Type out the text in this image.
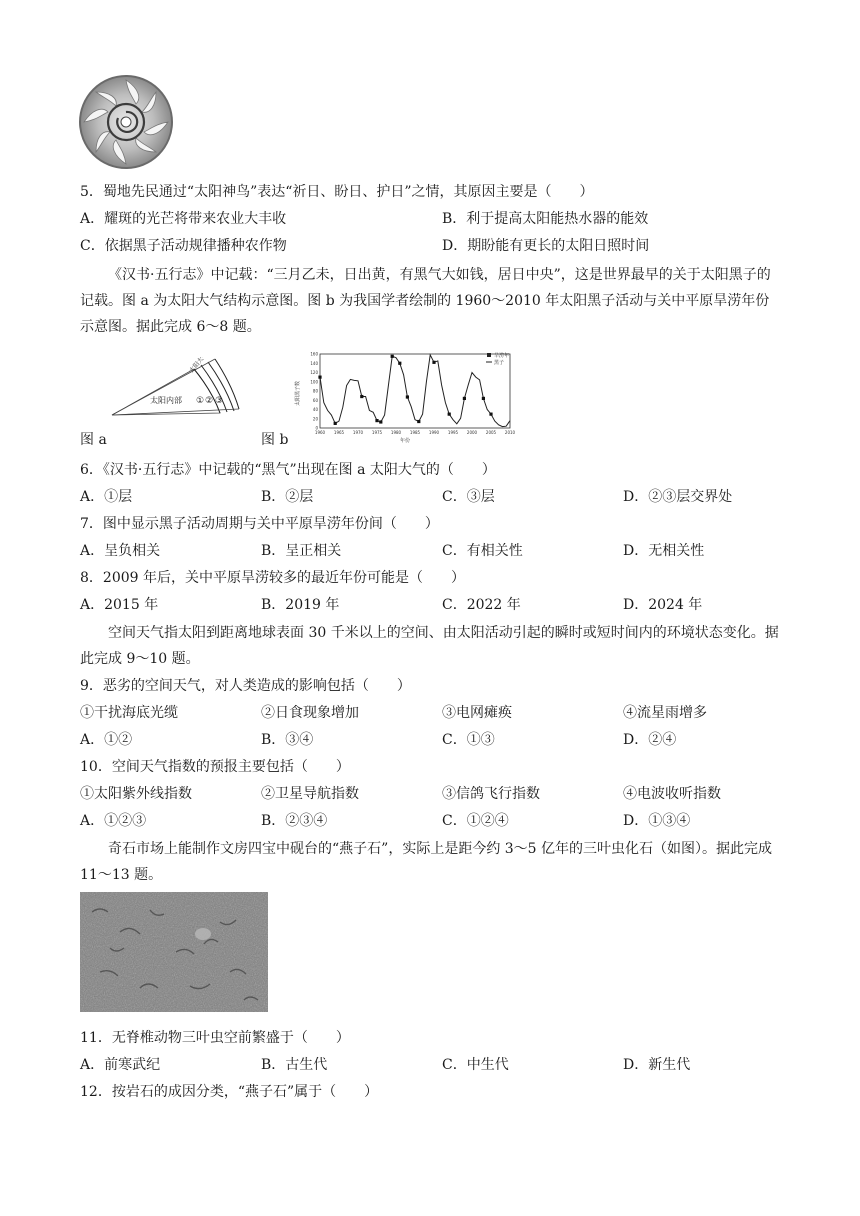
5．蜀地先民通过“太阳神鸟”表达“祈日、盼日、护日”之情，其原因主要是（　　）
A．耀斑的光芒将带来农业大丰收	B．利于提高太阳能热水器的能效
C．依据黑子活动规律播种农作物	D．期盼能有更长的太阳日照时间
《汉书·五行志》中记载：“三月乙未，日出黄，有黑气大如钱，居日中央”，这是世界最早的关于太阳黑子的记载。图 a 为太阳大气结构示意图。图 b 为我国学者绘制的 1960～2010 年太阳黑子活动与关中平原旱涝年份示意图。据此完成 6～8 题。
太阳内部 ① ② ③
太阳大气
图 a	1960 1965 1970 1975 1980 1985 1990 1995 2000 2005 2010
0
20
40
60
80
100
120
140
160
太阳黑子数
年份
旱涝年
黑子
图 b
6．《汉书·五行志》中记载的“黑气”出现在图 a 太阳大气的（　　）
A．①层	B．②层	C．③层	D．②③层交界处
7．图中显示黑子活动周期与关中平原旱涝年份间（　　）
A．呈负相关	B．呈正相关	C．有相关性	D．无相关性
8．2009 年后，关中平原旱涝较多的最近年份可能是（　　）
A．2015 年	B．2019 年	C．2022 年	D．2024 年
空间天气指太阳到距离地球表面 30 千米以上的空间、由太阳活动引起的瞬时或短时间内的环境状态变化。据此完成 9～10 题。
9．恶劣的空间天气，对人类造成的影响包括（　　）
①干扰海底光缆	②日食现象增加	③电网瘫痪	④流星雨增多
A．①②	B．③④	C．①③	D．②④
10．空间天气指数的预报主要包括（　　）
①太阳紫外线指数	②卫星导航指数	③信鸽飞行指数	④电波收听指数
A．①②③	B．②③④	C．①②④	D．①③④
奇石市场上能制作文房四宝中砚台的“燕子石”，实际上是距今约 3～5 亿年的三叶虫化石（如图）。据此完成 11～13 题。
11．无脊椎动物三叶虫空前繁盛于（　　）
A．前寒武纪	B．古生代	C．中生代	D．新生代
12．按岩石的成因分类，“燕子石”属于（　　）
